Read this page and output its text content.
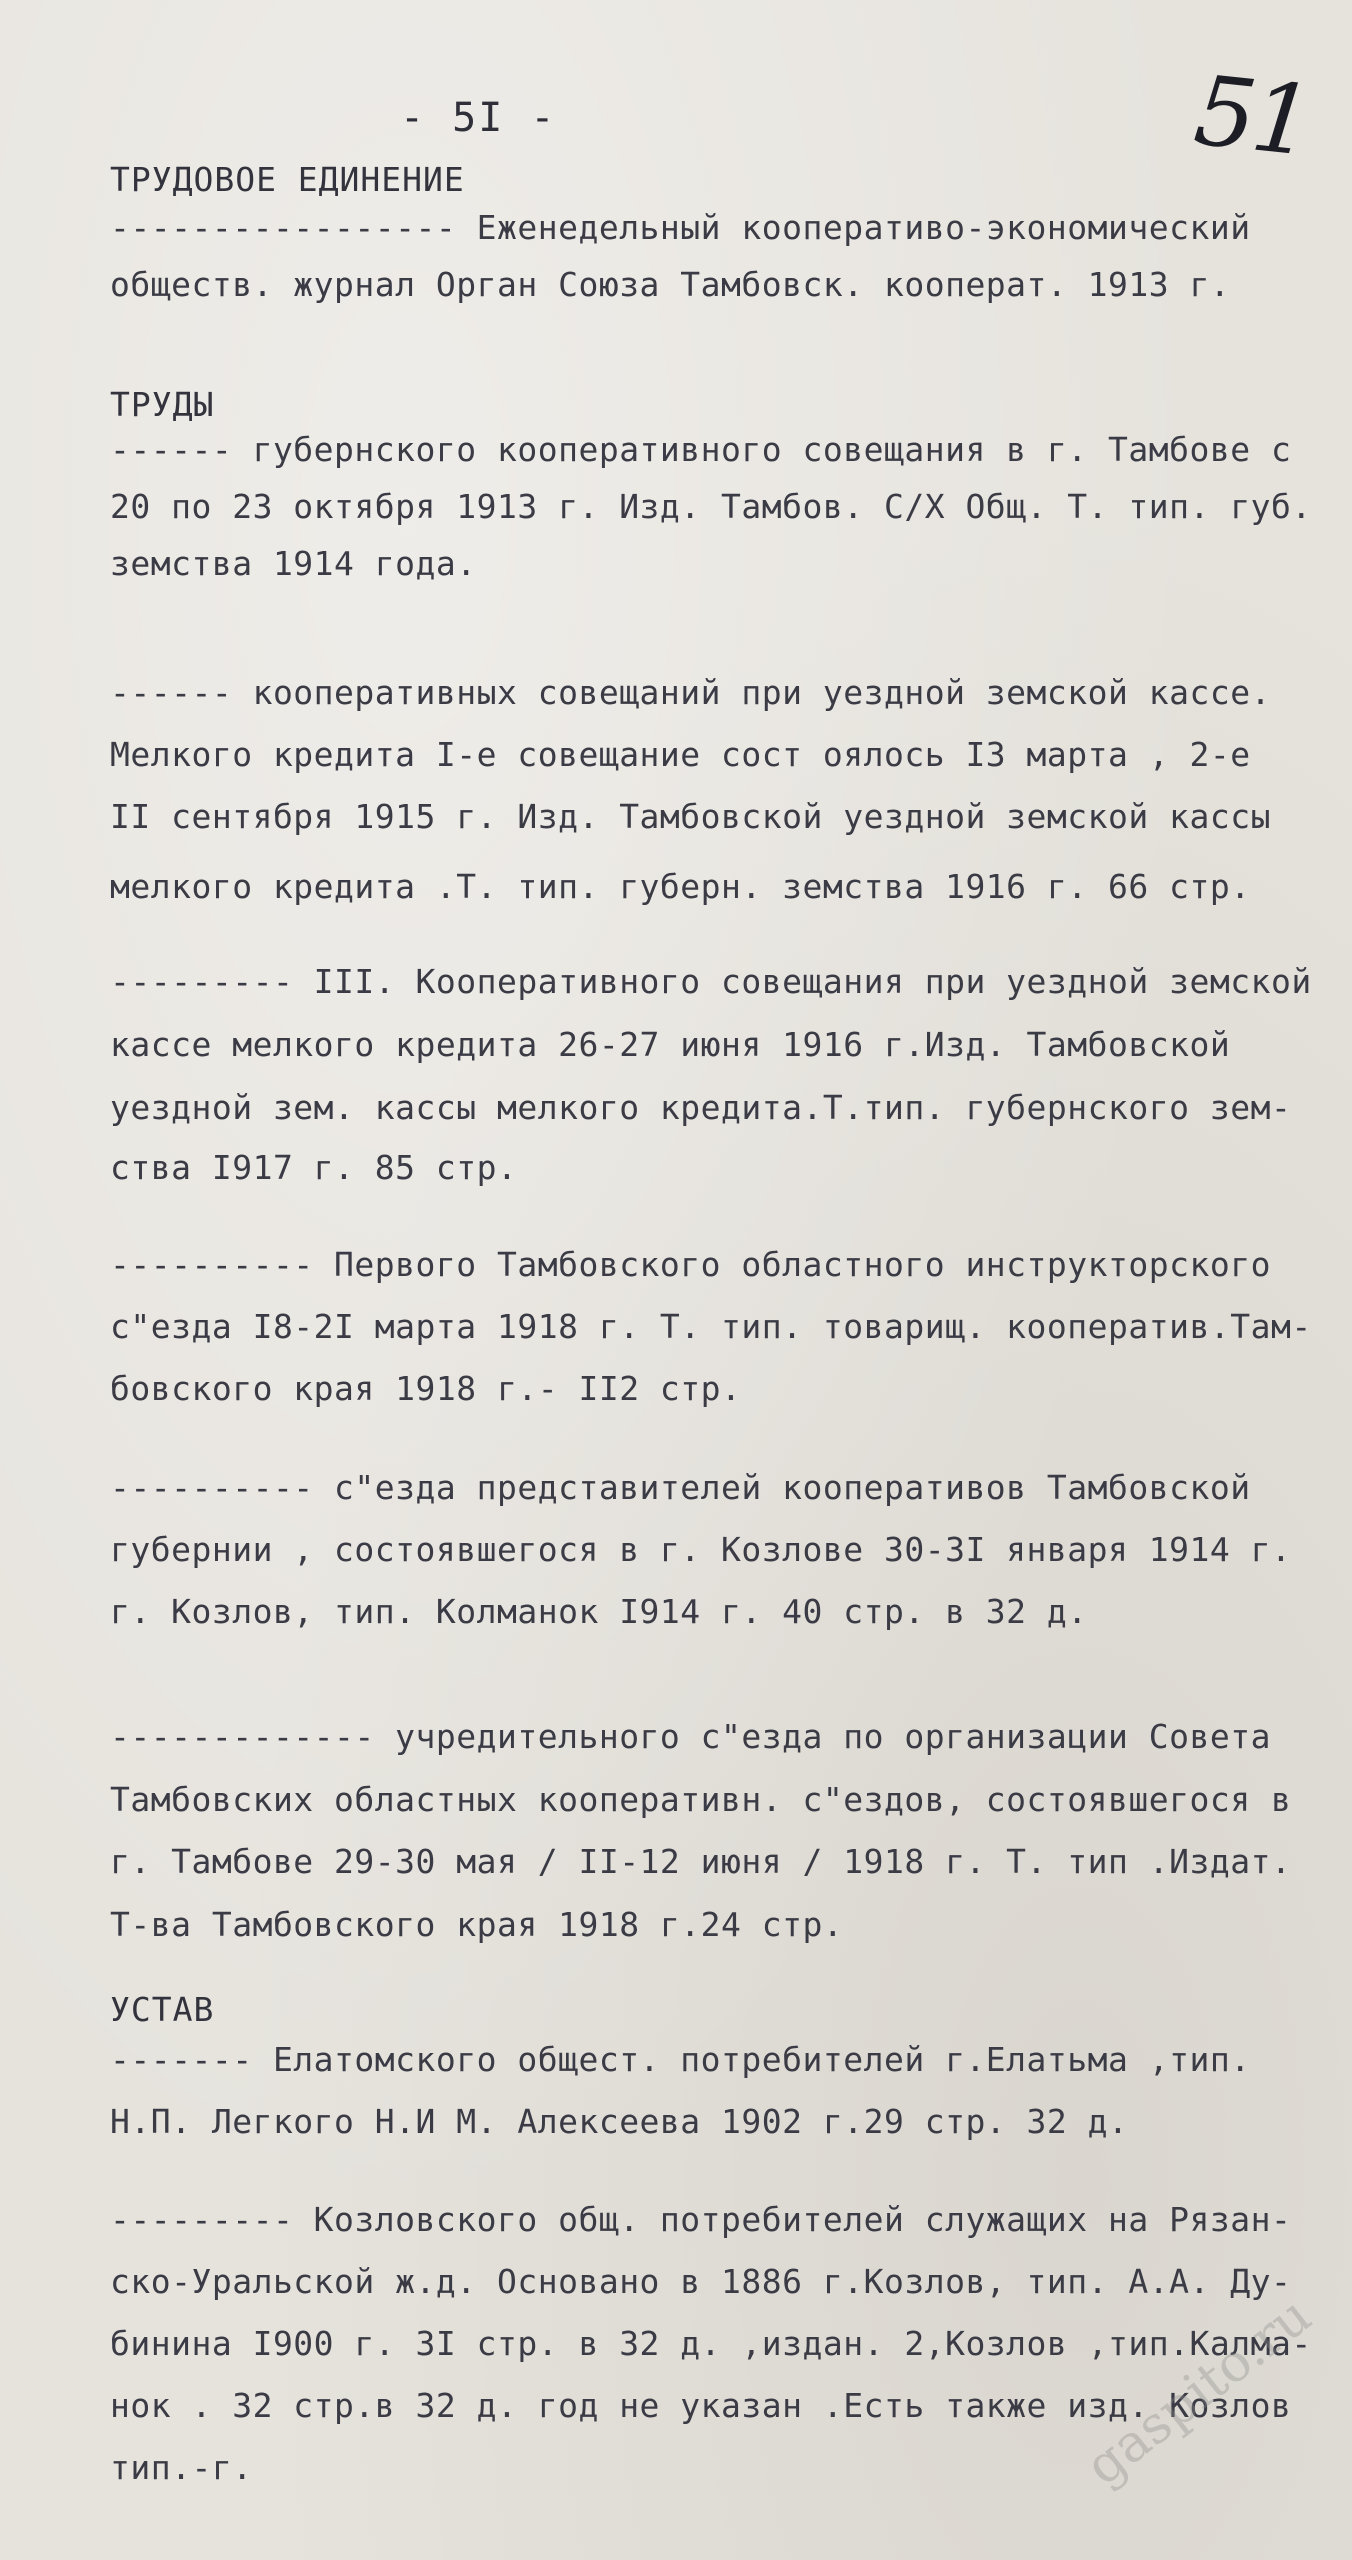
- 5I -	51
ТРУДОВОЕ ЕДИНЕНИЕ
----------------- Еженедельный кооперативо-экономический
обществ. журнал Орган Союза Тамбовск. кооперат. 1913 г.
ТРУДЫ
------ губернского кооперативного совещания в г. Тамбове с
20 по 23 октября 1913 г. Изд. Тамбов. С/Х Общ. Т. тип. губ.
земства 1914 года.
------ кооперативных совещаний при уездной земской кассе.
Мелкого кредита I-е совещание сост оялось I3 марта , 2-е
II сентября 1915 г. Изд. Тамбовской уездной земской кассы
мелкого кредита .Т. тип. губерн. земства 1916 г. 66 стр.
--------- III. Кооперативного совещания при уездной земской
кассе мелкого кредита 26-27 июня 1916 г.Изд. Тамбовской
уездной зем. кассы мелкого кредита.Т.тип. губернского зем-
ства I917 г. 85 стр.
---------- Первого Тамбовского областного инструкторского
с"езда I8-2I марта 1918 г. Т. тип. товарищ. кооператив.Там-
бовского края 1918 г.- II2 стр.
---------- с"езда представителей кооперативов Тамбовской
губернии , состоявшегося в г. Козлове 30-3I января 1914 г.
г. Козлов, тип. Колманок I914 г. 40 стр. в 32 д.
------------- учредительного с"езда по организации Совета
Тамбовских областных кооперативн. с"ездов, состоявшегося в
г. Тамбове 29-30 мая / II-12 июня / 1918 г. Т. тип .Издат.
Т-ва Тамбовского края 1918 г.24 стр.
УСТАВ
------- Елатомского общест. потребителей г.Елатьма ,тип.
Н.П. Легкого Н.И М. Алексеева 1902 г.29 стр. 32 д.
--------- Козловского общ. потребителей служащих на Рязан-
ско-Уральской ж.д. Основано в 1886 г.Козлов, тип. А.А. Ду-
бинина I900 г. 3I стр. в 32 д. ,издан. 2,Козлов ,тип.Калма-
нок . 32 стр.в 32 д. год не указан .Есть также изд. Козлов
тип.-г.	gaspito.ru
